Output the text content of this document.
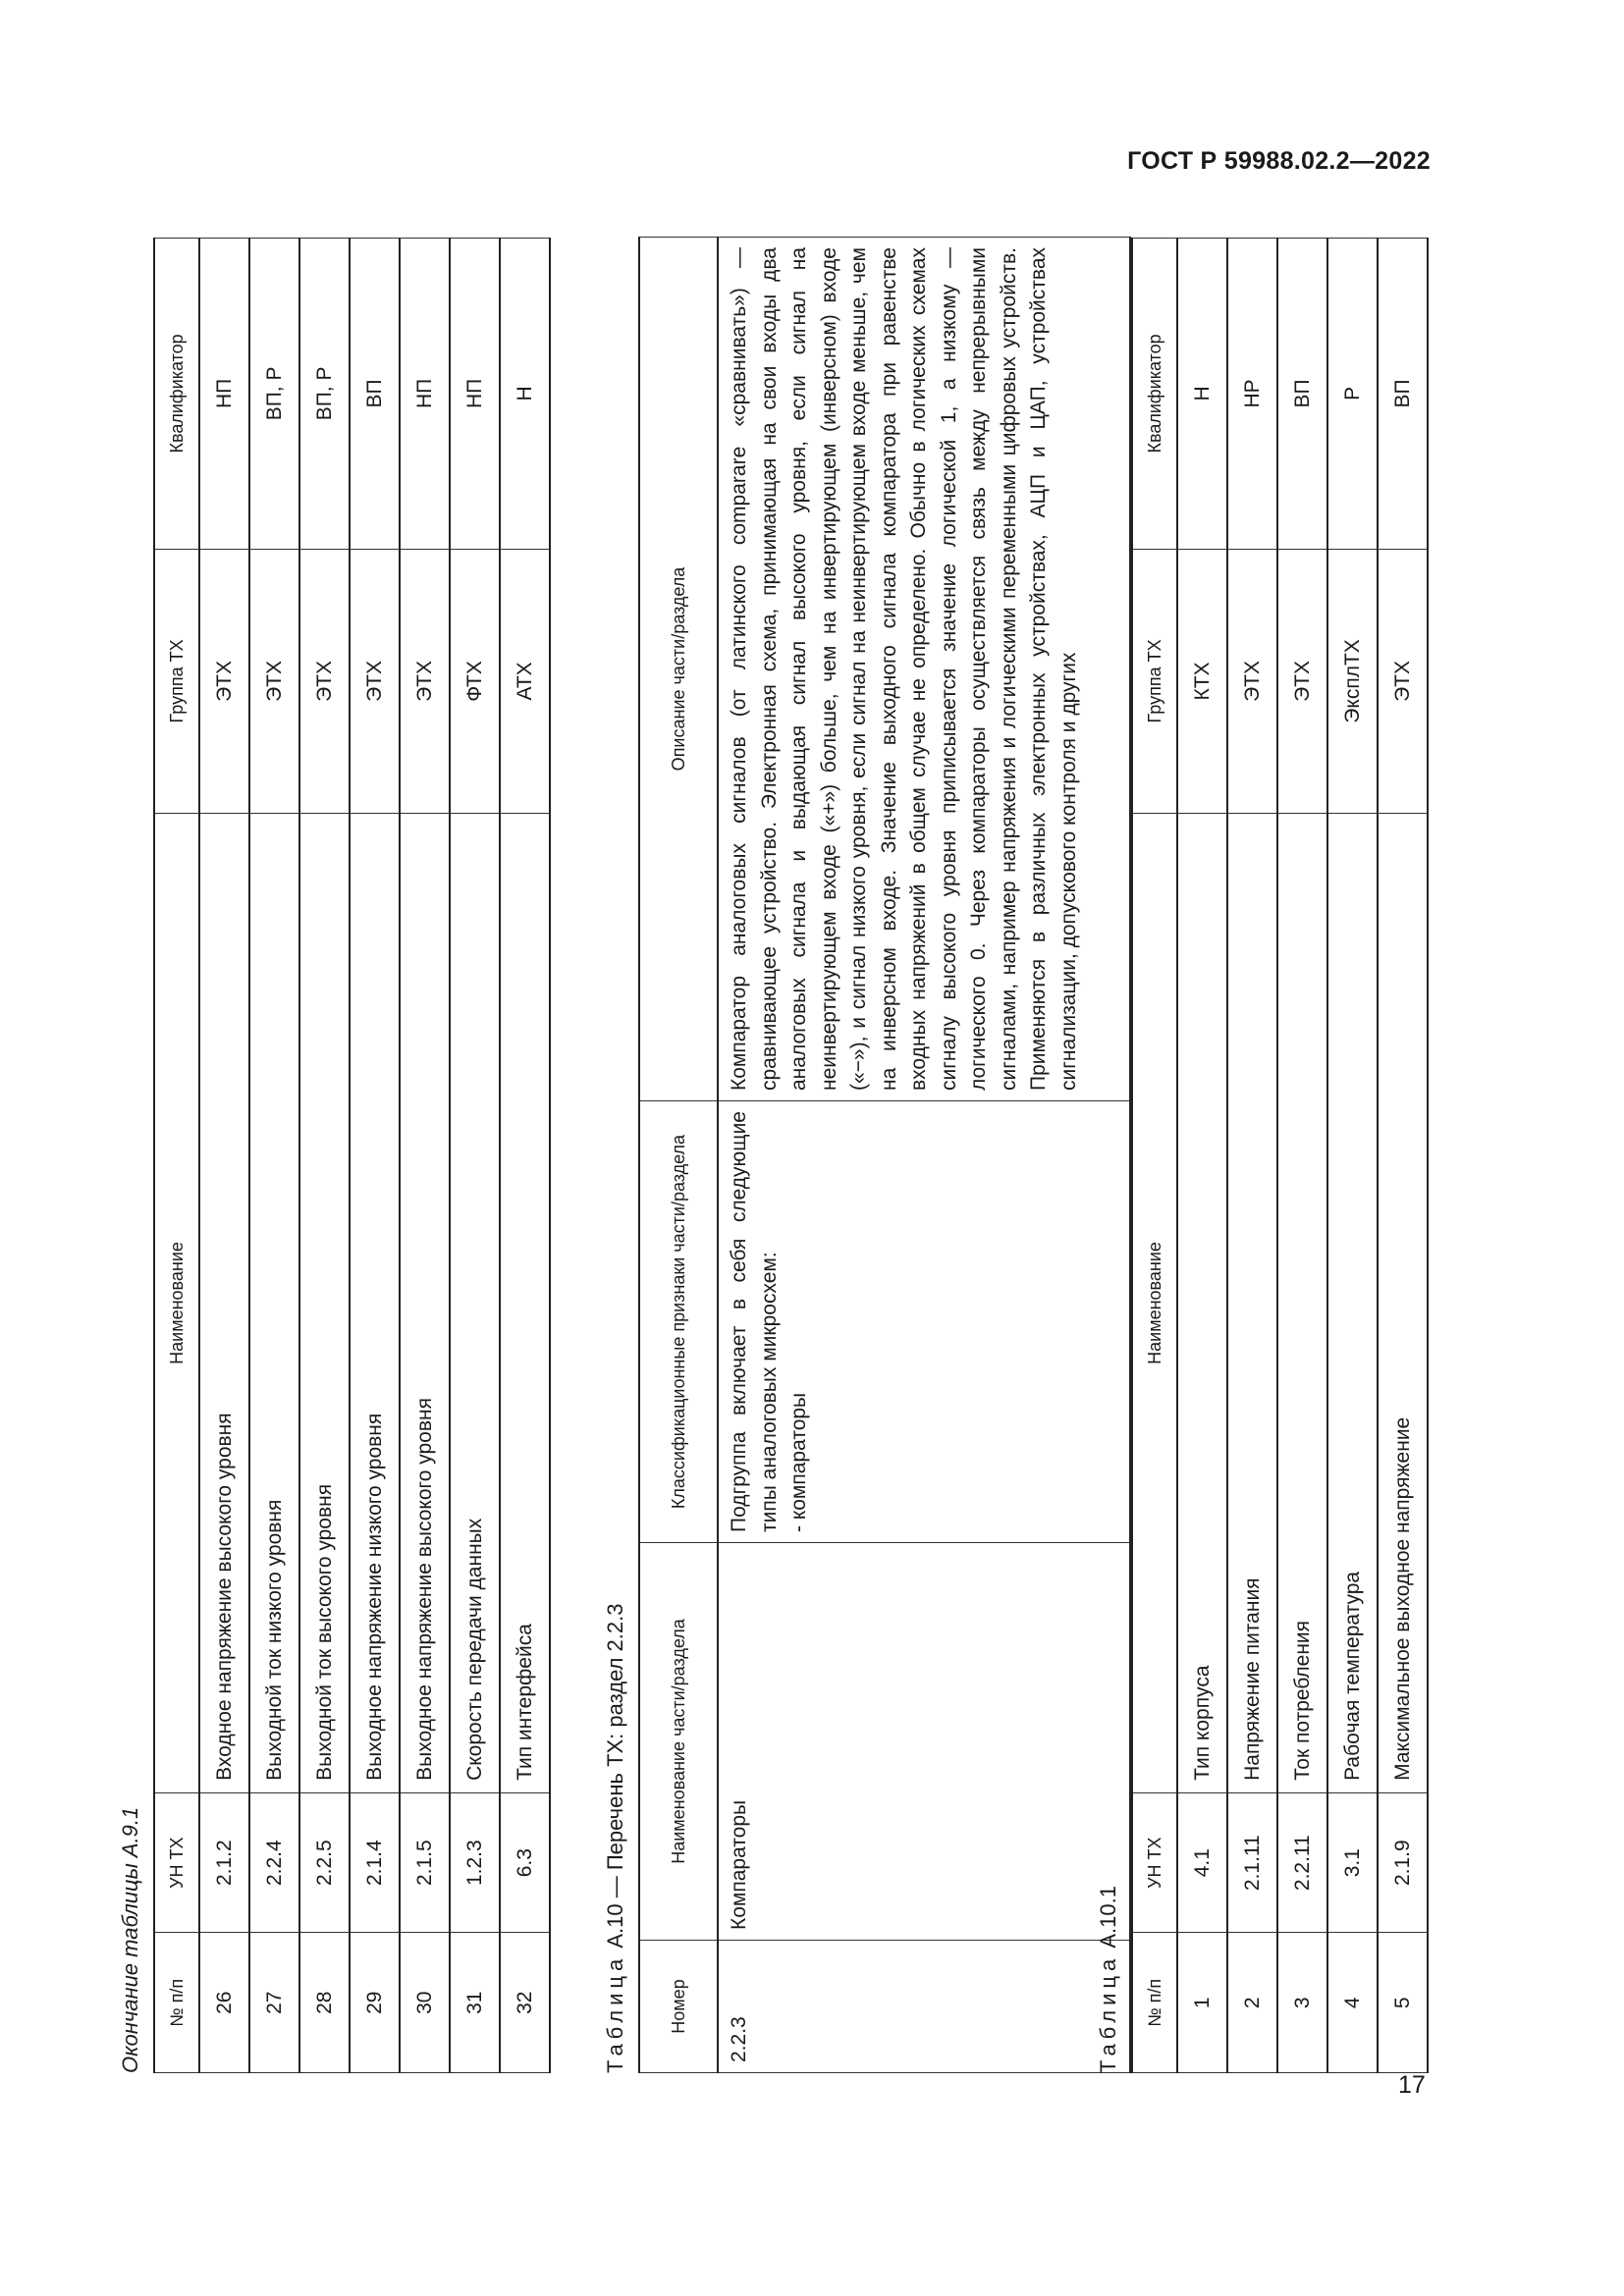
ГОСТ Р 59988.02.2—2022
Окончание таблицы А.9.1 № п/п	УН ТХ	Наименование	Группа ТХ	Квалификатор
26	2.1.2	Входное напряжение высокого уровня	ЭТХ	НП
27	2.2.4	Выходной ток низкого уровня	ЭТХ	ВП, Р
28	2.2.5	Выходной ток высокого уровня	ЭТХ	ВП, Р
29	2.1.4	Выходное напряжение низкого уровня	ЭТХ	ВП
30	2.1.5	Выходное напряжение высокого уровня	ЭТХ	НП
31	1.2.3	Скорость передачи данных	ФТХ	НП
32	6.3	Тип интерфейса	АТХ	Н
Таблица А.10 — Перечень ТХ: раздел 2.2.3
Номер	Наименование части/раздела	Классификационные признаки части/раздела	Описание части/раздела
2.2.3	Компараторы	Подгруппа включает в себя следующие типы аналоговых микросхем: - компараторы	Компаратор аналоговых сигналов (от латинского comparare «сравнивать») — сравнивающее устройство. Электронная схема, принимающая на свои входы два аналоговых сигнала и выдающая сигнал высокого уровня, если сигнал на неинвертирующем входе («+») больше, чем на инвертирующем (инверсном) входе («−»), и сигнал низкого уровня, если сигнал на неинвертирующем входе меньше, чем на инверсном входе. Значение выходного сигнала компаратора при равенстве входных напряжений в общем случае не определено. Обычно в логических схемах сигналу высокого уровня приписывается значение логической 1, а низкому — логического 0. Через компараторы осуществляется связь между непрерывными сигналами, например напряжения и логическими переменными цифровых устройств. Применяются в различных электронных устройствах, АЦП и ЦАП, устройствах сигнализации, допускового контроля и других
Таблица А.10.1
№ п/п	УН ТХ	Наименование	Группа ТХ	Квалификатор
1	4.1	Тип корпуса	КТХ	Н
2	2.1.11	Напряжение питания	ЭТХ	НР
3	2.2.11	Ток потребления	ЭТХ	ВП
4	3.1	Рабочая температура	ЭксплТХ	Р
5	2.1.9	Максимальное выходное напряжение	ЭТХ	ВП
17
